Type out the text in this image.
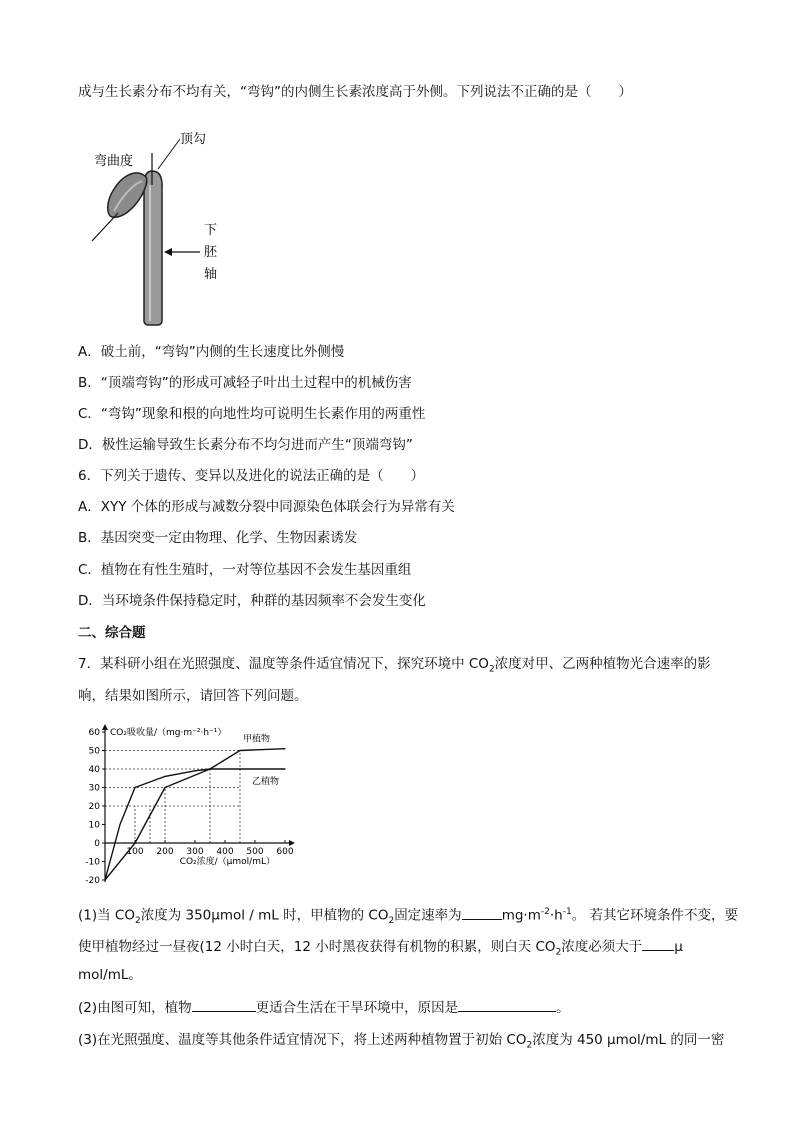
成与生长素分布不均有关，“弯钩”的内侧生长素浓度高于外侧。下列说法不正确的是（　　）
顶勾
弯曲度
下
胚
轴
A．破土前，“弯钩”内侧的生长速度比外侧慢
B．“顶端弯钩”的形成可减轻子叶出土过程中的机械伤害
C．“弯钩”现象和根的向地性均可说明生长素作用的两重性
D．极性运输导致生长素分布不均匀进而产生“顶端弯钩”
6．下列关于遗传、变异以及进化的说法正确的是（　　）
A．XYY 个体的形成与减数分裂中同源染色体联会行为异常有关
B．基因突变一定由物理、化学、生物因素诱发
C．植物在有性生殖时，一对等位基因不会发生基因重组
D．当环境条件保持稳定时，种群的基因频率不会发生变化
二、综合题
7．某科研小组在光照强度、温度等条件适宜情况下，探究环境中 $CO_2$浓度对甲、乙两种植物光合速率的影
响，结果如图所示，请回答下列问题。
60
50
40
30
20
10
0
-10
-20
100 200 300 400 500 600
CO₂吸收量/（mg·m⁻²·h⁻¹）
CO₂浓度/（μmol/mL）
甲植物
乙植物
(1)当 $CO_2$浓度为 350μmol / mL 时，甲植物的 $CO_2$固定速率为	$mg\cdot m^{-2}\cdot h^{-1}$。 若其它环境条件不变，要
使甲植物经过一昼夜(12 小时白天，12 小时黑夜获得有机物的积累，则白天 $CO_2$浓度必须大于 μ
mol/mL。
(2)由图可知，植物	更适合生活在干旱环境中，原因是	。
(3)在光照强度、温度等其他条件适宜情况下，将上述两种植物置于初始 $CO_2$浓度为 450 μmol/mL 的同一密
